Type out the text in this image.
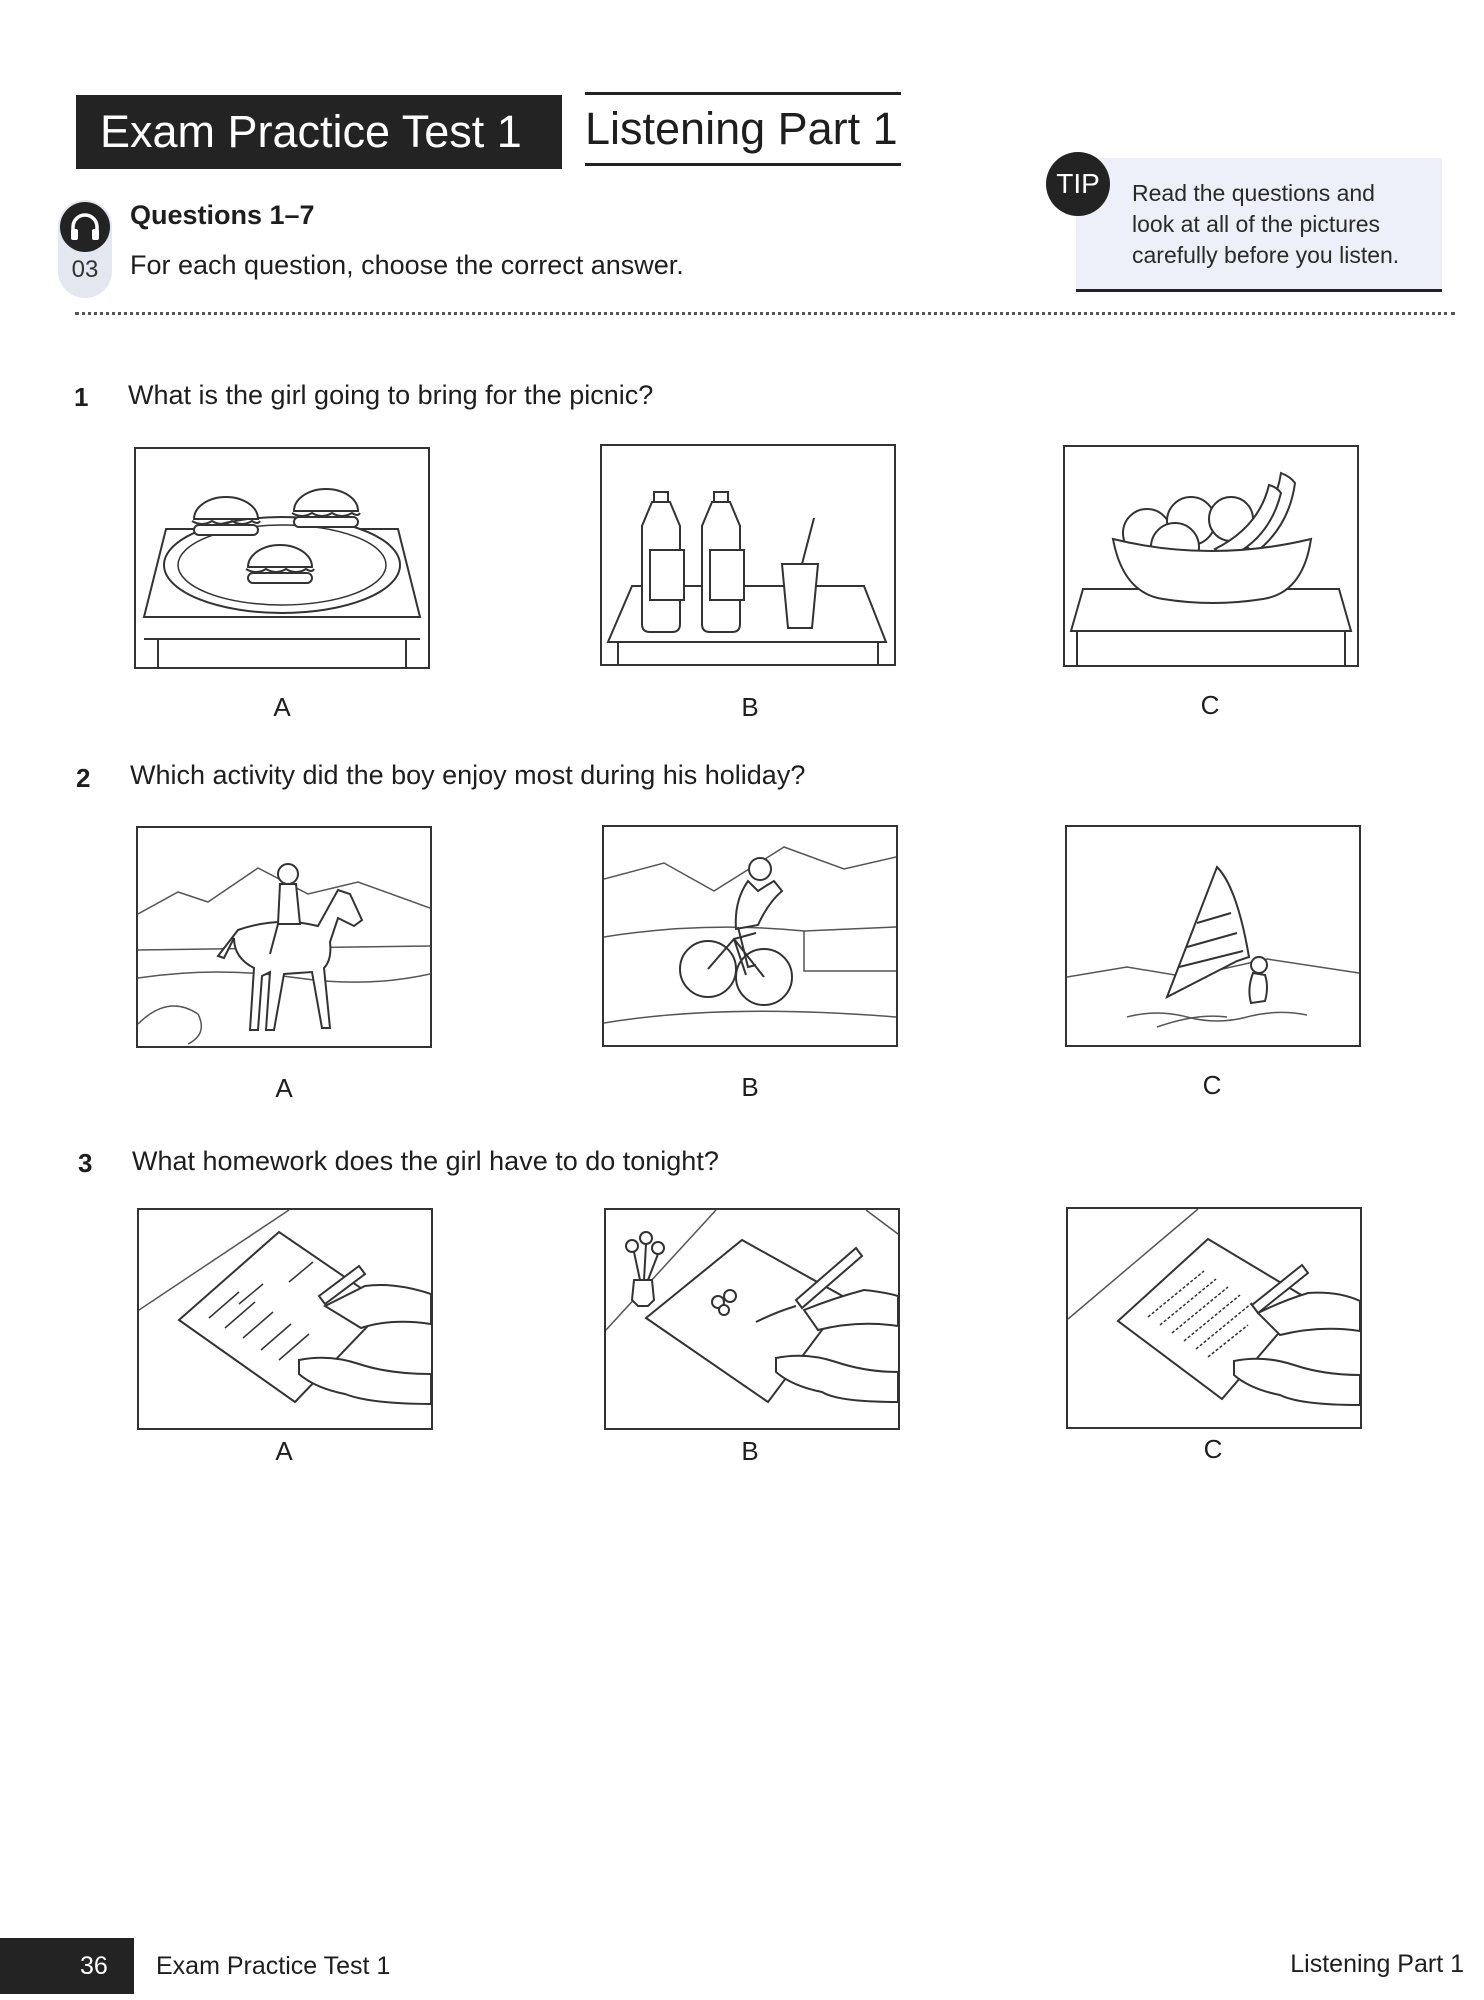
Exam Practice Test 1	Listening Part 1
03
Questions 1–7
For each question, choose the correct answer.
Read the questions and
look at all of the pictures
carefully before you listen.
TIP
1 What is the girl going to bring for the picnic?
A	B	C
2 Which activity did the boy enjoy most during his holiday?
A	B	C
3 What homework does the girl have to do tonight?
A	B	C
36 Exam Practice Test 1	Listening Part 1
